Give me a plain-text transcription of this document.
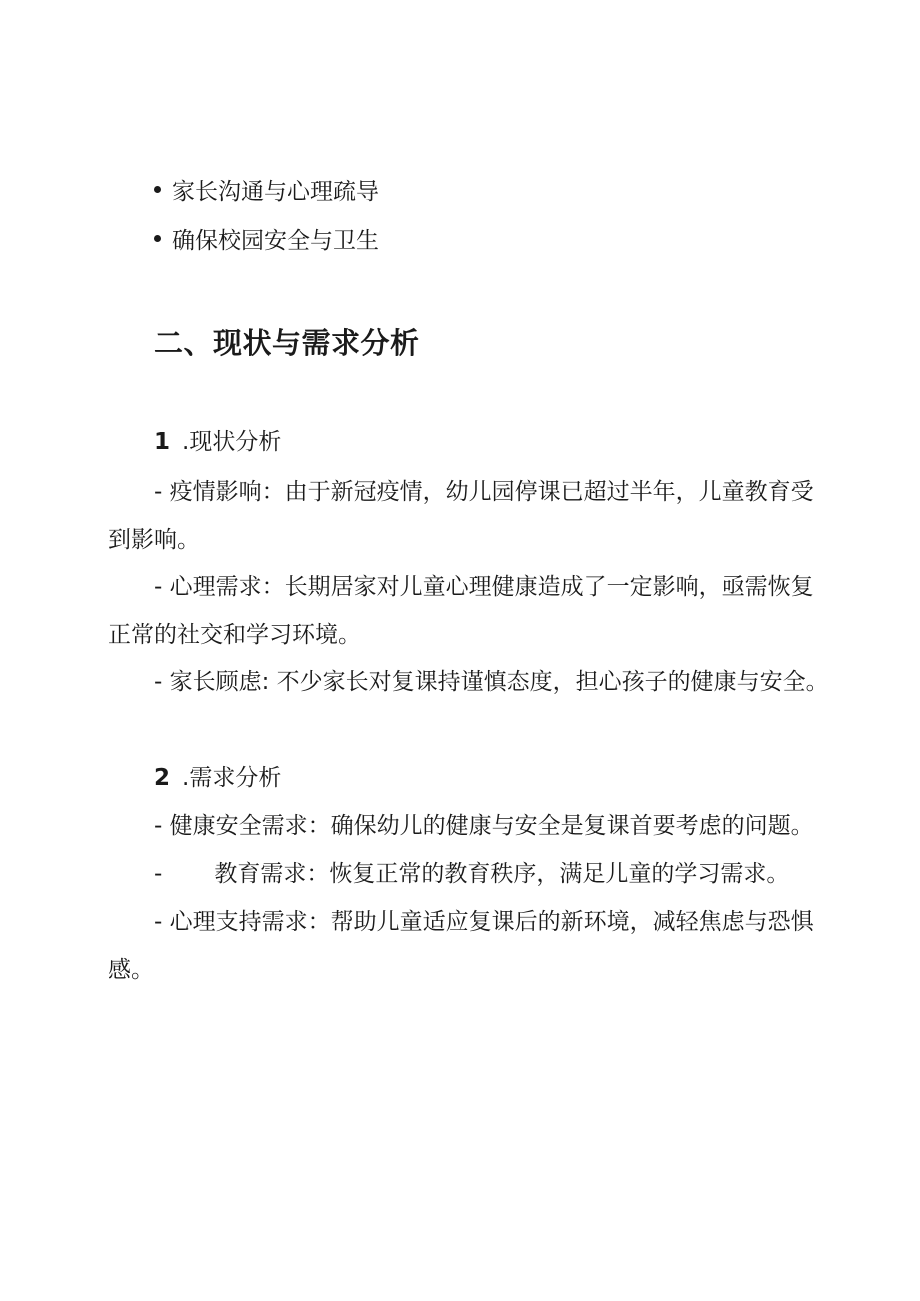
家长沟通与心理疏导
确保校园安全与卫生
二、现状与需求分析
1 .现状分析
- 疫情影响：由于新冠疫情，幼儿园停课已超过半年，儿童教育受
到影响。
- 心理需求：长期居家对儿童心理健康造成了一定影响，亟需恢复
正常的社交和学习环境。
- 家长顾虑: 不少家长对复课持谨慎态度，担心孩子的健康与安全。
2 .需求分析
- 健康安全需求：确保幼儿的健康与安全是复课首要考虑的问题。
- 教育需求：恢复正常的教育秩序，满足儿童的学习需求。
- 心理支持需求：帮助儿童适应复课后的新环境，减轻焦虑与恐惧
感。
